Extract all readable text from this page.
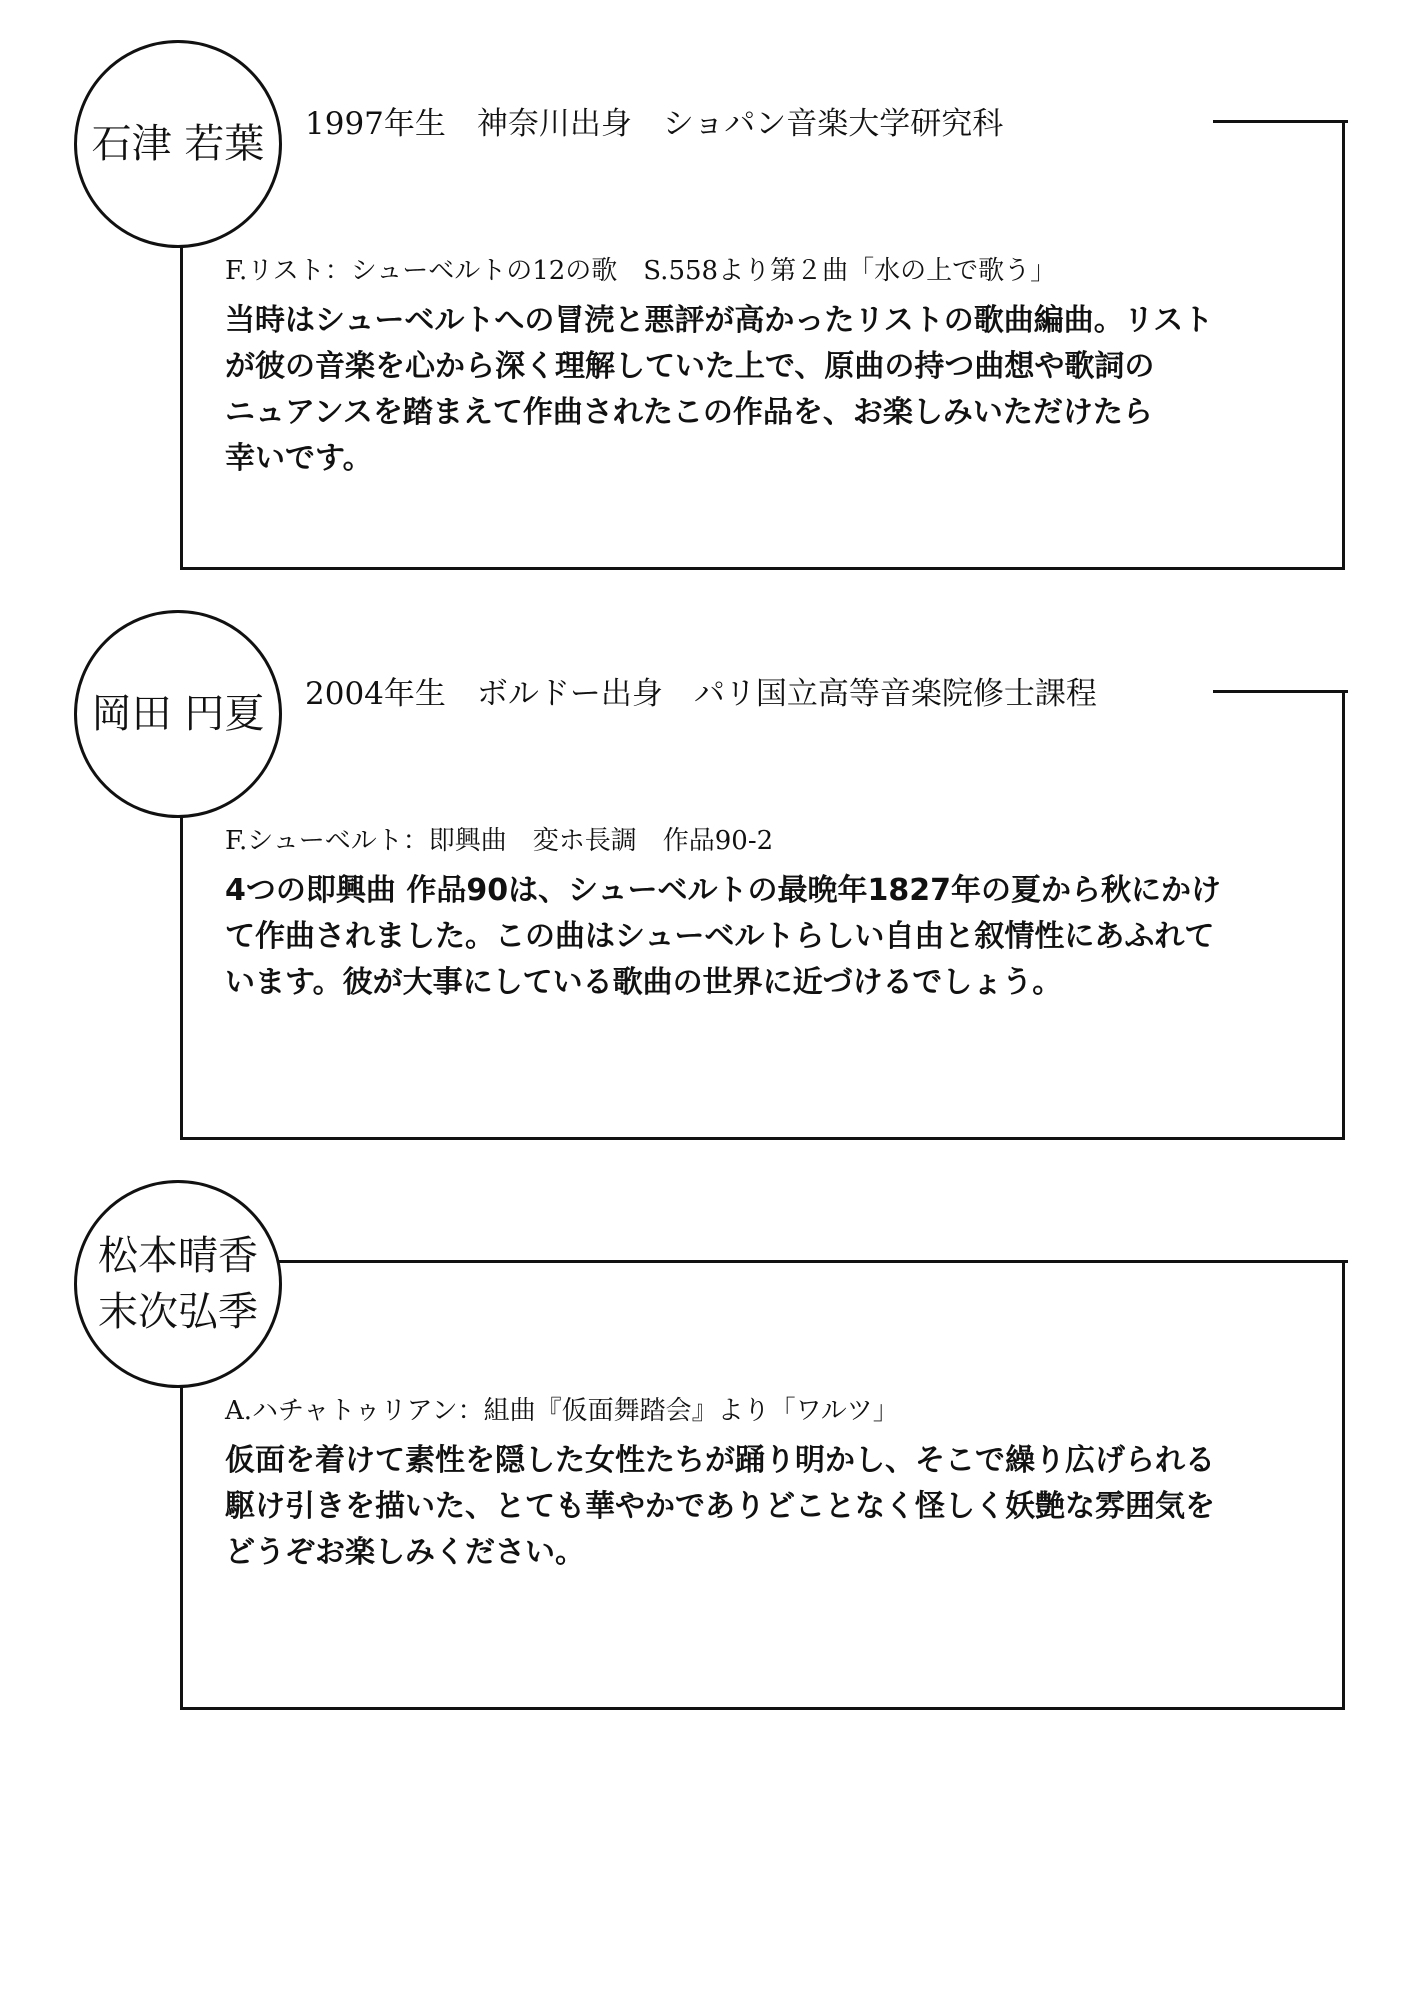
石津 若葉 1997年生　神奈川出身　ショパン音楽大学研究科
F.リスト：シューベルトの12の歌　S.558より第２曲「水の上で歌う」

当時はシューベルトへの冒涜と悪評が高かったリストの歌曲編曲。リスト
が彼の音楽を心から深く理解していた上で、原曲の持つ曲想や歌詞の
ニュアンスを踏まえて作曲されたこの作品を、お楽しみいただけたら
幸いです。

岡田 円夏 2004年生　ボルドー出身　パリ国立高等音楽院修士課程
F.シューベルト：即興曲　変ホ長調　作品90-2

4つの即興曲 作品90は、シューベルトの最晩年1827年の夏から秋にかけ
て作曲されました。この曲はシューベルトらしい自由と叙情性にあふれて
います。彼が大事にしている歌曲の世界に近づけるでしょう。

松本晴香
末次弘季
A.ハチャトゥリアン：組曲『仮面舞踏会』より「ワルツ」

仮面を着けて素性を隠した女性たちが踊り明かし、そこで繰り広げられる
駆け引きを描いた、とても華やかでありどことなく怪しく妖艶な雰囲気を
どうぞお楽しみください。
